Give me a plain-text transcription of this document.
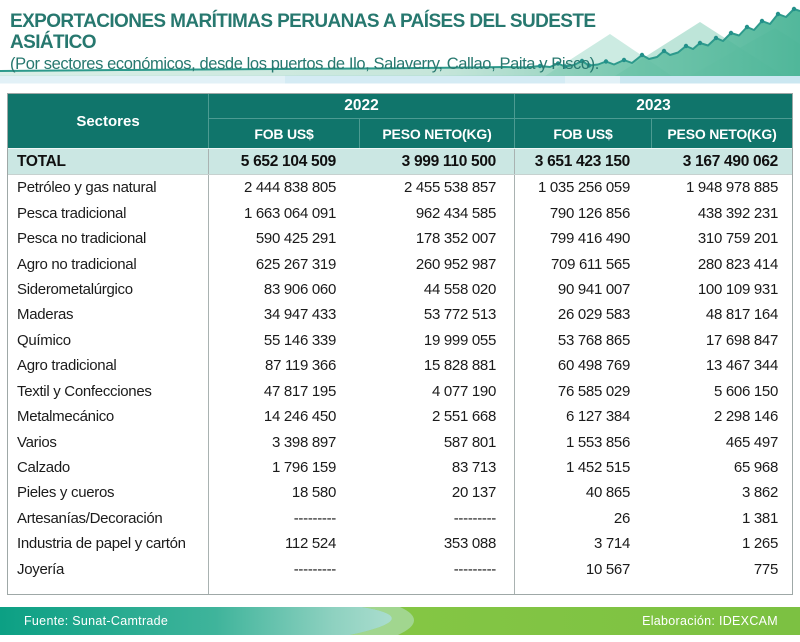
EXPORTACIONES MARÍTIMAS PERUANAS A PAÍSES DEL SUDESTE ASIÁTICO
(Por sectores económicos, desde los puertos de Ilo, Salaverry, Callao, Paita y Pisco).
Sectores
2022	2023
FOB US$	PESO NETO(KG)	FOB US$	PESO NETO(KG)
TOTAL	5 652 104 509	3 999 110 500	3 651 423 150	3 167 490 062
Petróleo y gas natural	2 444 838 805	2 455 538 857	1 035 256 059	1 948 978 885
Pesca tradicional	1 663 064 091	962 434 585	790 126 856	438 392 231
Pesca no tradicional	590 425 291	178 352 007	799 416 490	310 759 201
Agro no tradicional	625 267 319	260 952 987	709 611 565	280 823 414
Siderometalúrgico	83 906 060	44 558 020	90 941 007	100 109 931
Maderas	34 947 433	53 772 513	26 029 583	48 817 164
Químico	55 146 339	19 999 055	53 768 865	17 698 847
Agro tradicional	87 119 366	15 828 881	60 498 769	13 467 344
Textil y Confecciones	47 817 195	4 077 190	76 585 029	5 606 150
Metalmecánico	14 246 450	2 551 668	6 127 384	2 298 146
Varios	3 398 897	587 801	1 553 856	465 497
Calzado	1 796 159	83 713	1 452 515	65 968
Pieles y cueros	18 580	20 137	40 865	3 862
Artesanías/Decoración	---------	---------	26	1 381
Industria de papel y cartón	112 524	353 088	3 714	1 265
Joyería	---------	---------	10 567	775
Fuente: Sunat-Camtrade	Elaboración: IDEXCAM
